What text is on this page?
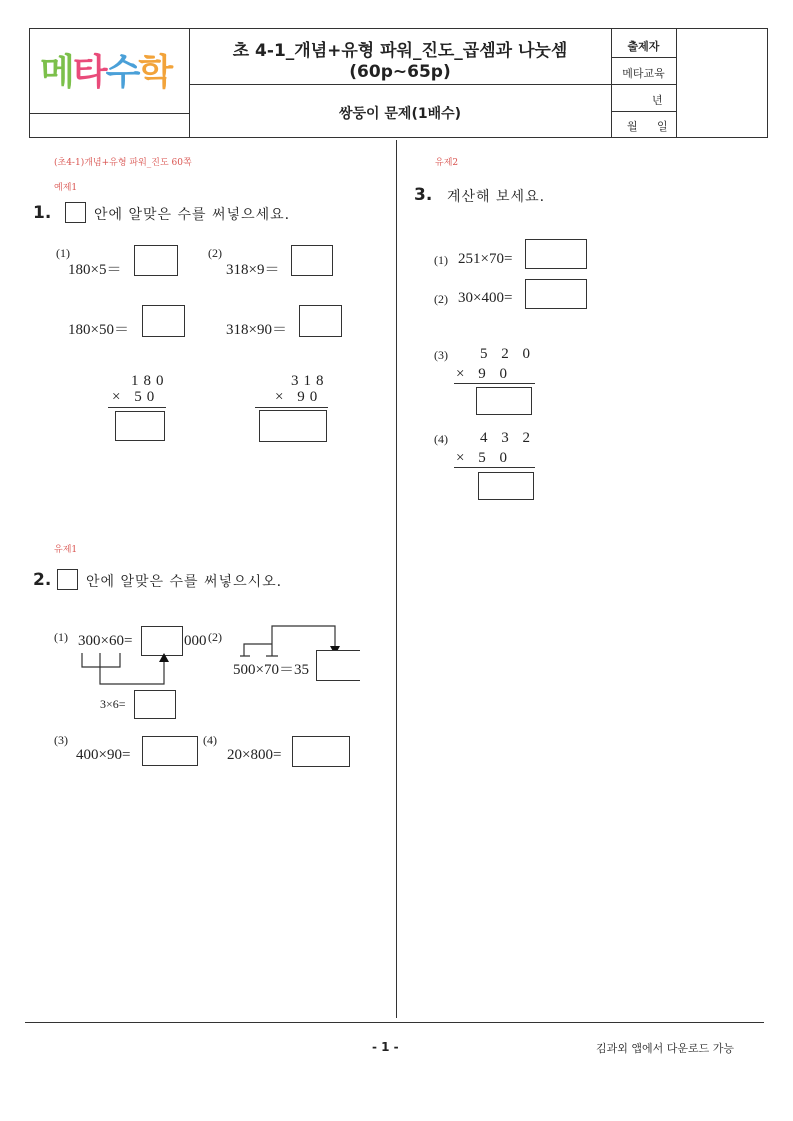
메타수학
초 4-1_개념+유형 파워_진도_곱셈과 나눗셈
(60p~65p)
쌍둥이 문제(1배수)
출제자
메타교육
년
월 일
(초4-1)개념+유형 파워_진도 60쪽
예제1
1.	안에 알맞은 수를 써넣으세요.
(1)
180×5＝
180×50＝
180
× 50
(2)
318×9＝
318×90＝
318
× 90
유제1
2. 안에 알맞은 수를 써넣으시오.
(1) 300×60=	000
3×6=
(2)
500×70＝35
(3)
400×90=
(4)
20×800=
유제2
3. 계산해 보세요.
(1) 251×70=
(2) 30×400=
(3) 5 2 0
× 9 0
(4) 4 3 2
× 5 0
- 1 -	김과외 앱에서 다운로드 가능
